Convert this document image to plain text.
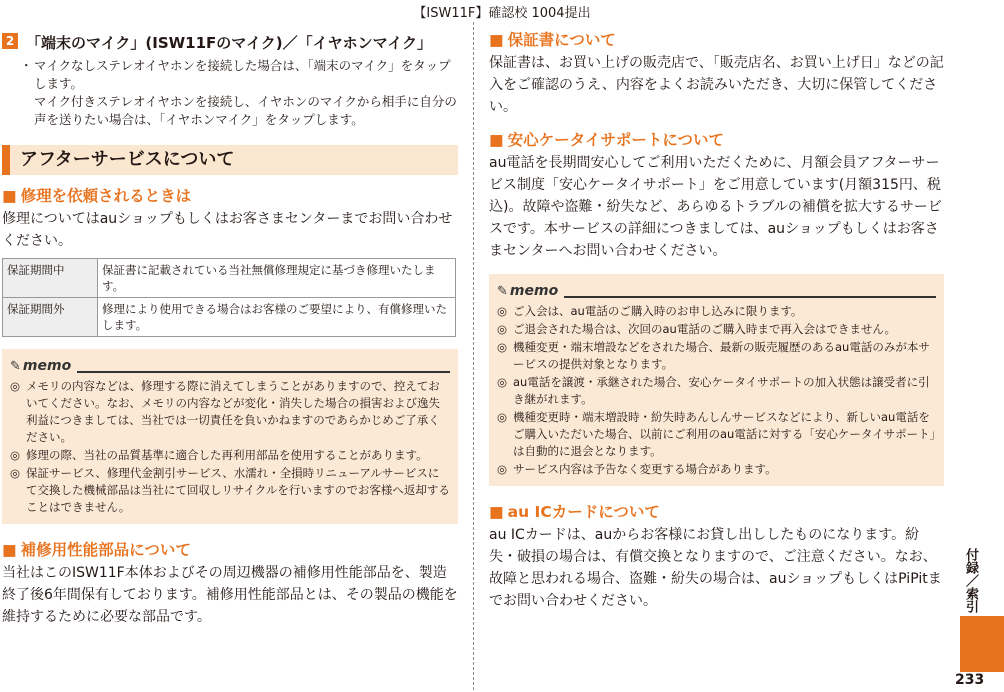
【ISW11F】確認校 1004提出
2 「端末のマイク」(ISW11Fのマイク)／「イヤホンマイク」
・ マイクなしステレオイヤホンを接続した場合は、「端末のマイク」をタップします。

マイク付きステレオイヤホンを接続し、イヤホンのマイクから相手に自分の声を送りたい場合は、「イヤホンマイク」をタップします。

アフターサービスについて
■ 修理を依頼されるときは
修理についてはauショップもしくはお客さまセンターまでお問い合わせください。
保証期間中	保証書に記載されている当社無償修理規定に基づき修理いたします。
保証期間外	修理により使用できる場合はお客様のご要望により、有償修理いたします。
✎ memo
◎ メモリの内容などは、修理する際に消えてしまうことがありますので、控えておいてください。なお、メモリの内容などが変化・消失した場合の損害および逸失利益につきましては、当社では一切責任を負いかねますのであらかじめご了承ください。
◎ 修理の際、当社の品質基準に適合した再利用部品を使用することがあります。
◎ 保証サービス、修理代金割引サービス、水濡れ・全損時リニューアルサービスにて交換した機械部品は当社にて回収しリサイクルを行いますのでお客様へ返却することはできません。
■ 補修用性能部品について
当社はこのISW11F本体およびその周辺機器の補修用性能部品を、製造終了後6年間保有しております。補修用性能部品とは、その製品の機能を維持するために必要な部品です。
■ 保証書について
保証書は、お買い上げの販売店で、「販売店名、お買い上げ日」などの記入をご確認のうえ、内容をよくお読みいただき、大切に保管してください。
■ 安心ケータイサポートについて
au電話を長期間安心してご利用いただくために、月額会員アフターサービス制度「安心ケータイサポート」をご用意しています(月額315円、税込)。故障や盗難・紛失など、あらゆるトラブルの補償を拡大するサービスです。本サービスの詳細につきましては、auショップもしくはお客さまセンターへお問い合わせください。
✎ memo
◎ ご入会は、au電話のご購入時のお申し込みに限ります。
◎ ご退会された場合は、次回のau電話のご購入時まで再入会はできません。
◎ 機種変更・端末増設などをされた場合、最新の販売履歴のあるau電話のみが本サービスの提供対象となります。
◎ au電話を譲渡・承継された場合、安心ケータイサポートの加入状態は譲受者に引き継がれます。
◎ 機種変更時・端末増設時・紛失時あんしんサービスなどにより、新しいau電話をご購入いただいた場合、以前にご利用のau電話に対する「安心ケータイサポート」は自動的に退会となります。
◎ サービス内容は予告なく変更する場合があります。
■ au ICカードについて
au ICカードは、auからお客様にお貸し出ししたものになります。紛失・破損の場合は、有償交換となりますので、ご注意ください。なお、故障と思われる場合、盗難・紛失の場合は、auショップもしくはPiPitまでお問い合わせください。	付録／索引
233
